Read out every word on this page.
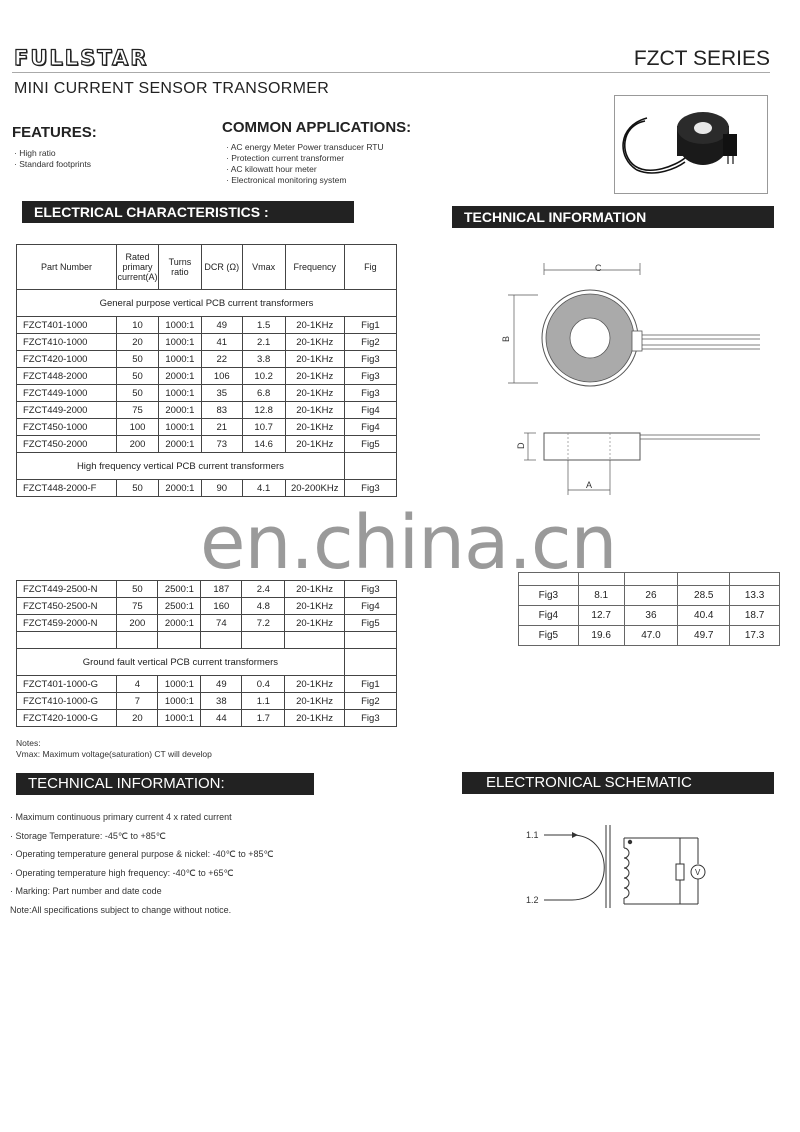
FULLSTAR	FZCT SERIES
MINI CURRENT SENSOR TRANSORMER
FEATURES:
· High ratio
· Standard footprints
COMMON APPLICATIONS:
· AC energy Meter Power transducer RTU
· Protection current transformer
· AC kilowatt hour meter
· Electronical monitoring system
ELECTRICAL CHARACTERISTICS :	TECHNICAL INFORMATION
Part Number	Rated primary current(A)	Turns ratio	DCR (Ω)	Vmax	Frequency	Fig
General purpose vertical PCB current transformers						
FZCT401-1000	10	1000:1	49	1.5	20-1KHz	Fig1
FZCT410-1000	20	1000:1	41	2.1	20-1KHz	Fig2
FZCT420-1000	50	1000:1	22	3.8	20-1KHz	Fig3
FZCT448-2000	50	2000:1	106	10.2	20-1KHz	Fig3
FZCT449-1000	50	1000:1	35	6.8	20-1KHz	Fig3
FZCT449-2000	75	2000:1	83	12.8	20-1KHz	Fig4
FZCT450-1000	100	1000:1	21	10.7	20-1KHz	Fig4
FZCT450-2000	200	2000:1	73	14.6	20-1KHz	Fig5
High frequency vertical PCB current transformers						
FZCT448-2000-F	50	2000:1	90	4.1	20-200KHz	Fig3
en.china.cn
FZCT449-2500-N	50	2500:1	187	2.4	20-1KHz	Fig3
FZCT450-2500-N	75	2500:1	160	4.8	20-1KHz	Fig4
FZCT459-2000-N	200	2000:1	74	7.2	20-1KHz	Fig5

Ground fault vertical PCB current transformers						
FZCT401-1000-G	4	1000:1	49	0.4	20-1KHz	Fig1
FZCT410-1000-G	7	1000:1	38	1.1	20-1KHz	Fig2
FZCT420-1000-G	20	1000:1	44	1.7	20-1KHz	Fig3
C
B
D
A

Fig3	8.1	26	28.5	13.3
Fig4	12.7	36	40.4	18.7
Fig5	19.6	47.0	49.7	17.3
Notes:
Vmax: Maximum voltage(saturation) CT will develop
TECHNICAL INFORMATION:	ELECTRONICAL SCHEMATIC
· Maximum continuous primary current 4 x rated current
· Storage Temperature: -45℃ to +85℃
· Operating temperature general purpose & nickel: -40℃ to +85℃
· Operating temperature high frequency: -40℃ to +65℃
· Marking: Part number and date code
Note:All specifications subject to change without notice.
1.1
1.2
V
